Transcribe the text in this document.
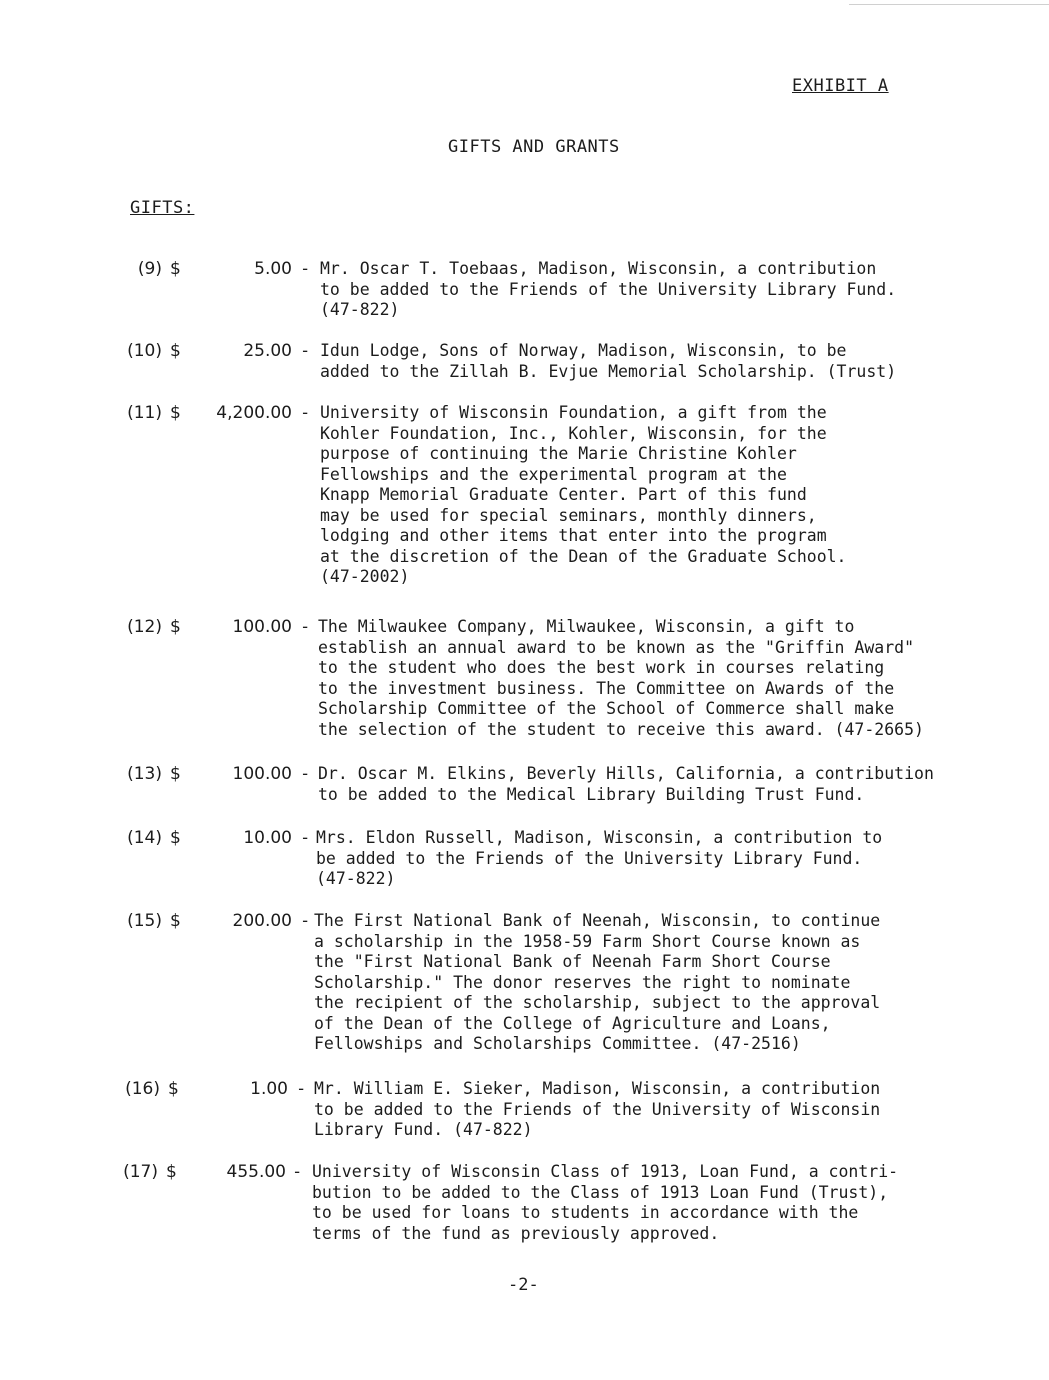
EXHIBIT A
GIFTS AND GRANTS
GIFTS:
(9) $	5.00 - Mr. Oscar T. Toebaas, Madison, Wisconsin, a contribution
to be added to the Friends of the University Library Fund.
(47-822)
(10) $	25.00 - Idun Lodge, Sons of Norway, Madison, Wisconsin, to be
added to the Zillah B. Evjue Memorial Scholarship. (Trust)
(11) $	4,200.00 - University of Wisconsin Foundation, a gift from the
Kohler Foundation, Inc., Kohler, Wisconsin, for the
purpose of continuing the Marie Christine Kohler
Fellowships and the experimental program at the
Knapp Memorial Graduate Center. Part of this fund
may be used for special seminars, monthly dinners,
lodging and other items that enter into the program
at the discretion of the Dean of the Graduate School.
(47-2002)
(12) $	100.00 - The Milwaukee Company, Milwaukee, Wisconsin, a gift to
establish an annual award to be known as the "Griffin Award"
to the student who does the best work in courses relating
to the investment business. The Committee on Awards of the
Scholarship Committee of the School of Commerce shall make
the selection of the student to receive this award. (47-2665)
(13) $	100.00 - Dr. Oscar M. Elkins, Beverly Hills, California, a contribution
to be added to the Medical Library Building Trust Fund.
(14) $	10.00 - Mrs. Eldon Russell, Madison, Wisconsin, a contribution to
be added to the Friends of the University Library Fund.
(47-822)
(15) $	200.00 - The First National Bank of Neenah, Wisconsin, to continue
a scholarship in the 1958-59 Farm Short Course known as
the "First National Bank of Neenah Farm Short Course
Scholarship." The donor reserves the right to nominate
the recipient of the scholarship, subject to the approval
of the Dean of the College of Agriculture and Loans,
Fellowships and Scholarships Committee. (47-2516)
(16) $	1.00 - Mr. William E. Sieker, Madison, Wisconsin, a contribution
to be added to the Friends of the University of Wisconsin
Library Fund. (47-822)
(17) $	455.00 - University of Wisconsin Class of 1913, Loan Fund, a contri-
bution to be added to the Class of 1913 Loan Fund (Trust),
to be used for loans to students in accordance with the
terms of the fund as previously approved.
-2-
